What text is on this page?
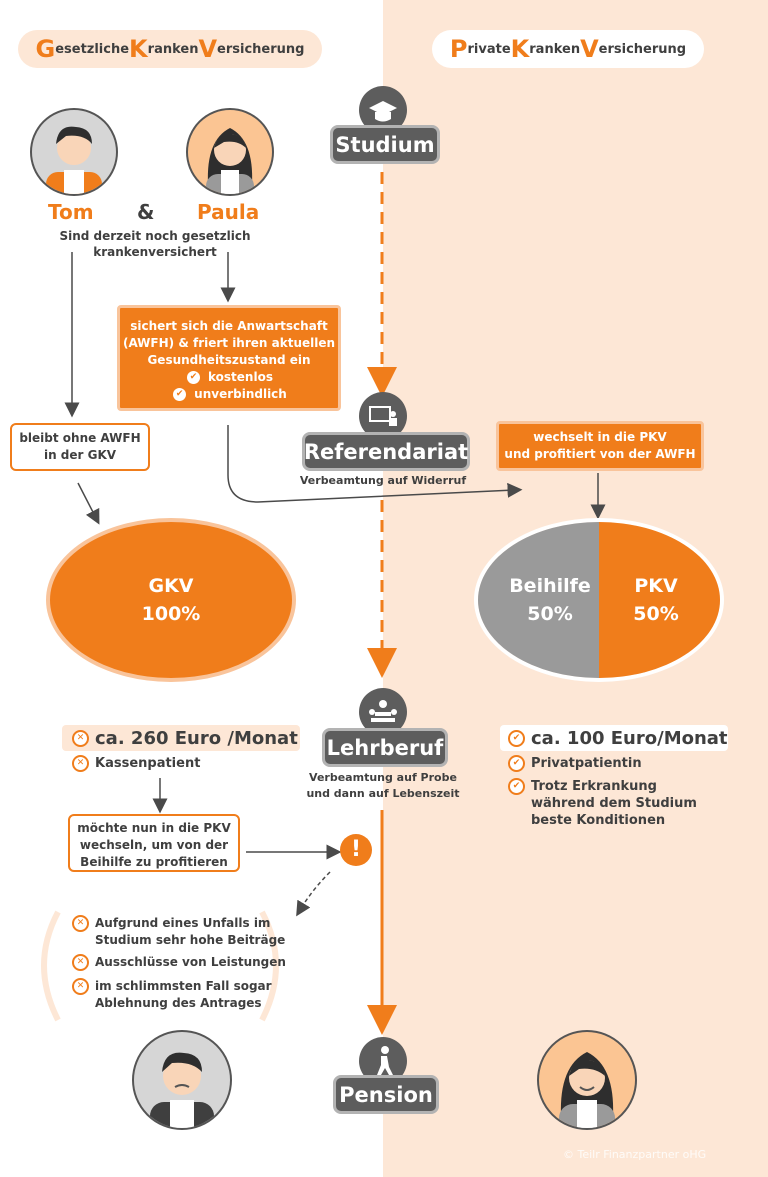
G esetzliche K ranken V ersicherung	P rivate K ranken V ersicherung
Studium
Referendariat
Verbeamtung auf Widerruf
Lehrberuf
Verbeamtung auf Probe
und dann auf Lebenszeit
Pension
Tom & Paula
Sind derzeit noch gesetzlich krankenversichert
sichert sich die Anwartschaft
(AWFH) & friert ihren aktuellen
Gesundheitszustand ein
✔ kostenlos
✔ unverbindlich
bleibt ohne AWFH
in der GKV
wechselt in die PKV
und profitiert von der AWFH
GKV
100%
Beihilfe
50%
PKV
50%
✕ ca. 260 Euro /Monat
✕ Kassenpatient
✔ ca. 100 Euro/Monat
✔ Privatpatientin
✔ Trotz Erkrankung
während dem Studium
beste Konditionen
möchte nun in die PKV
wechseln, um von der
Beihilfe zu profitieren	!
✕ Aufgrund eines Unfalls im
Studium sehr hohe Beiträge
✕ Ausschlüsse von Leistungen
✕ im schlimmsten Fall sogar
Ablehnung des Antrages
© Teilr Finanzpartner oHG
